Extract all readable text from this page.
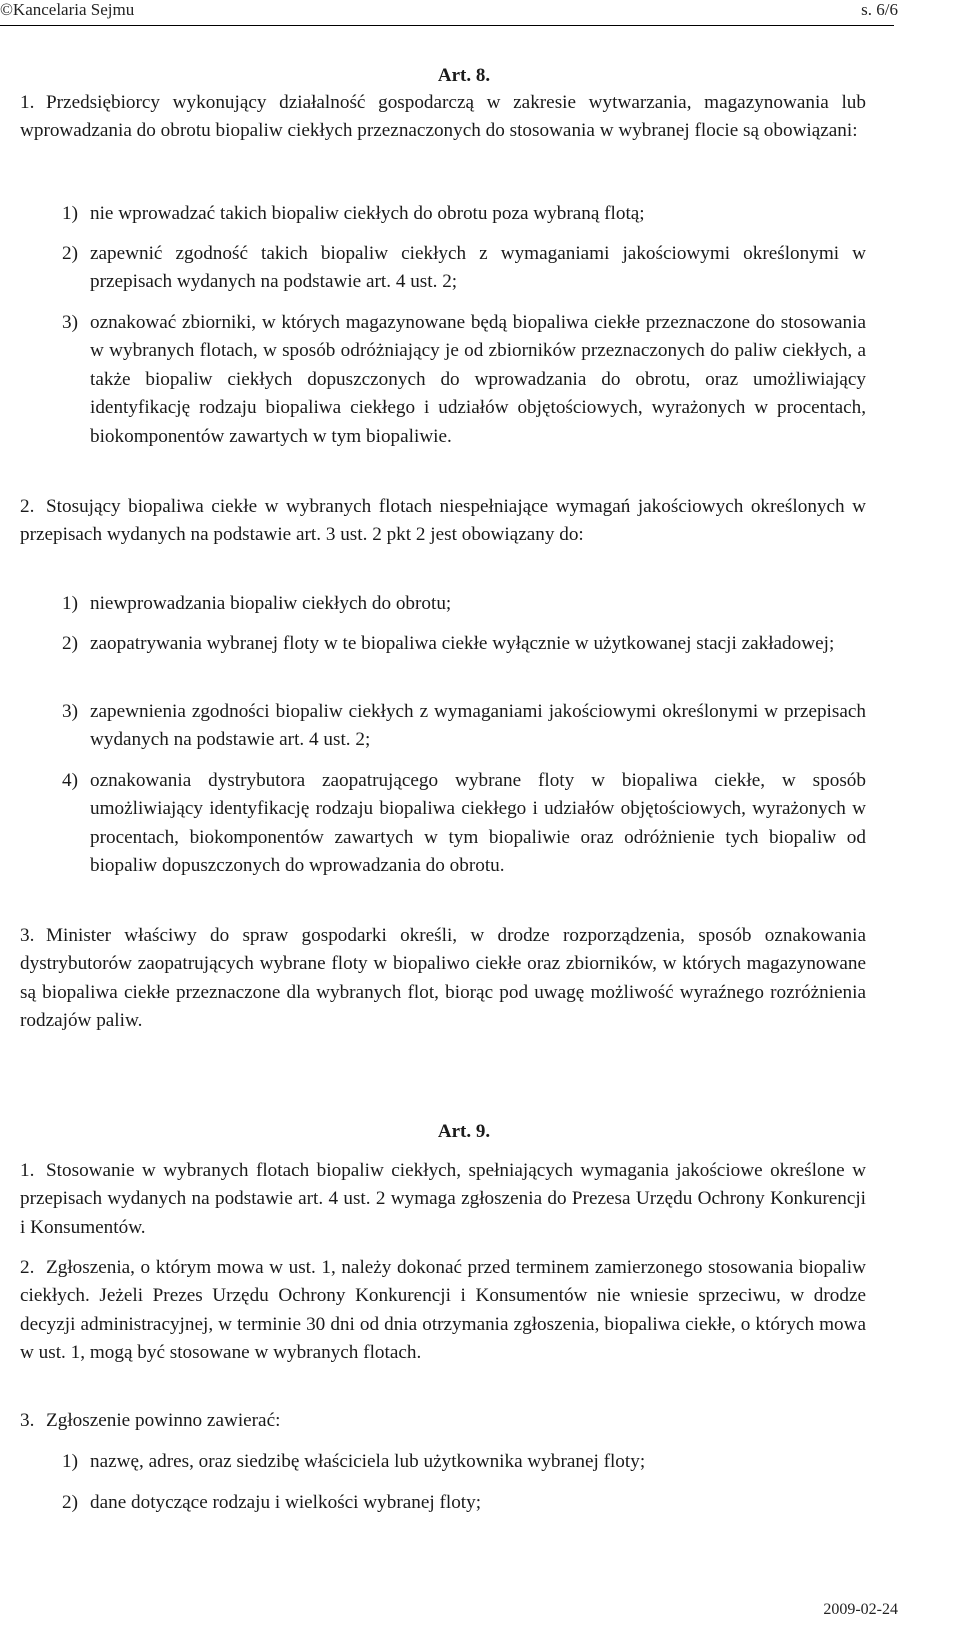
©Kancelaria Sejmu	s. 6/6
Art. 8.

1. Przedsiębiorcy wykonujący działalność gospodarczą w zakresie wytwarzania, magazynowania lub wprowadzania do obrotu biopaliw ciekłych przeznaczonych do stosowania w wybranej flocie są obowiązani:

1) nie wprowadzać takich biopaliw ciekłych do obrotu poza wybraną flotą;

2) zapewnić zgodność takich biopaliw ciekłych z wymaganiami jakościowymi określonymi w przepisach wydanych na podstawie art. 4 ust. 2;

3) oznakować zbiorniki, w których magazynowane będą biopaliwa ciekłe przeznaczone do stosowania w wybranych flotach, w sposób odróżniający je od zbiorników przeznaczonych do paliw ciekłych, a także biopaliw ciekłych dopuszczonych do wprowadzania do obrotu, oraz umożliwiający identyfikację rodzaju biopaliwa ciekłego i udziałów objętościowych, wyrażonych w procentach, biokomponentów zawartych w tym biopaliwie.

2. Stosujący biopaliwa ciekłe w wybranych flotach niespełniające wymagań jakościowych określonych w przepisach wydanych na podstawie art. 3 ust. 2 pkt 2 jest obowiązany do:

1) niewprowadzania biopaliw ciekłych do obrotu;

2) zaopatrywania wybranej floty w te biopaliwa ciekłe wyłącznie w użytkowanej stacji zakładowej;

3) zapewnienia zgodności biopaliw ciekłych z wymaganiami jakościowymi określonymi w przepisach wydanych na podstawie art. 4 ust. 2;

4) oznakowania dystrybutora zaopatrującego wybrane floty w biopaliwa ciekłe, w sposób umożliwiający identyfikację rodzaju biopaliwa ciekłego i udziałów objętościowych, wyrażonych w procentach, biokomponentów zawartych w tym biopaliwie oraz odróżnienie tych biopaliw od biopaliw dopuszczonych do wprowadzania do obrotu.

3. Minister właściwy do spraw gospodarki określi, w drodze rozporządzenia, sposób oznakowania dystrybutorów zaopatrujących wybrane floty w biopaliwo ciekłe oraz zbiorników, w których magazynowane są biopaliwa ciekłe przeznaczone dla wybranych flot, biorąc pod uwagę możliwość wyraźnego rozróżnienia rodzajów paliw.

Art. 9.

1. Stosowanie w wybranych flotach biopaliw ciekłych, spełniających wymagania jakościowe określone w przepisach wydanych na podstawie art. 4 ust. 2 wymaga zgłoszenia do Prezesa Urzędu Ochrony Konkurencji i Konsumentów.

2. Zgłoszenia, o którym mowa w ust. 1, należy dokonać przed terminem zamierzonego stosowania biopaliw ciekłych. Jeżeli Prezes Urzędu Ochrony Konkurencji i Konsumentów nie wniesie sprzeciwu, w drodze decyzji administracyjnej, w terminie 30 dni od dnia otrzymania zgłoszenia, biopaliwa ciekłe, o których mowa w ust. 1, mogą być stosowane w wybranych flotach.

3. Zgłoszenie powinno zawierać:

1) nazwę, adres, oraz siedzibę właściciela lub użytkownika wybranej floty;

2) dane dotyczące rodzaju i wielkości wybranej floty;

2009-02-24
